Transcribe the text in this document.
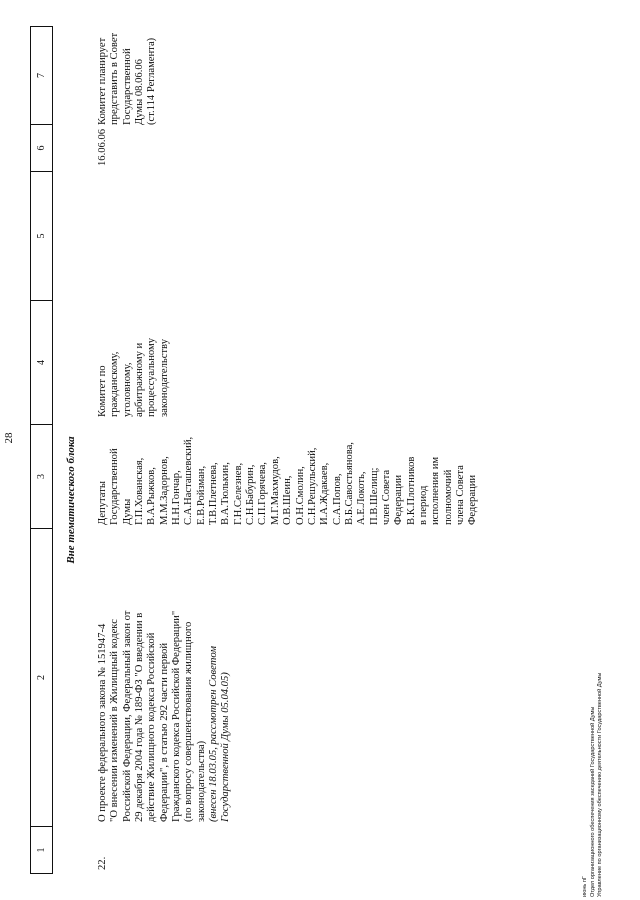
28
1
2
3
4
5
6
7
Вне тематического блока
22.
О проекте федерального закона № 151947-4 "О внесении изменений в Жилищный кодекс Российской Федерации, Федеральный закон от 29 декабря 2004 года № 189-ФЗ "О введении в действие Жилищного кодекса Российской Федерации", в статью 292 части первой Гражданского кодекса Российской Федерации" (по вопросу совершенствования жилищного законодательства) (внесен 18.03.05, рассмотрен Советом Государственной Думы 05.04.05)
Депутаты Государственной Думы Г.П.Хованская, В.А.Рыжков, М.М.Задорнов, Н.Н.Гончар, С.А.Насташевский, Е.В.Ройзман, Т.В.Плетнева, В.А.Тюлькин, Г.Н.Селезнев, С.Н.Бабурин, С.П.Горячева, М.Г.Махмудов, О.В.Шеин, О.Н.Смолин, С.Н.Решульский, И.А.Ждакаев, С.А.Попов, В.Б.Савостьянова, А.Е.Локоть, П.В.Шелищ; член Совета Федерации В.К.Плотников в период исполнения им полномочий члена Совета Федерации
Комитет по гражданскому, уголовному, арбитражному и процессуальному законодательству
16.06.06
Комитет планирует представить в Совет Государственной Думы 08.06.06 (ст.114 Регламента)
июнь пГ Отдел организационного обеспечения заседаний Государственной Думы Управление по организационному обеспечению деятельности Государственной Думы
